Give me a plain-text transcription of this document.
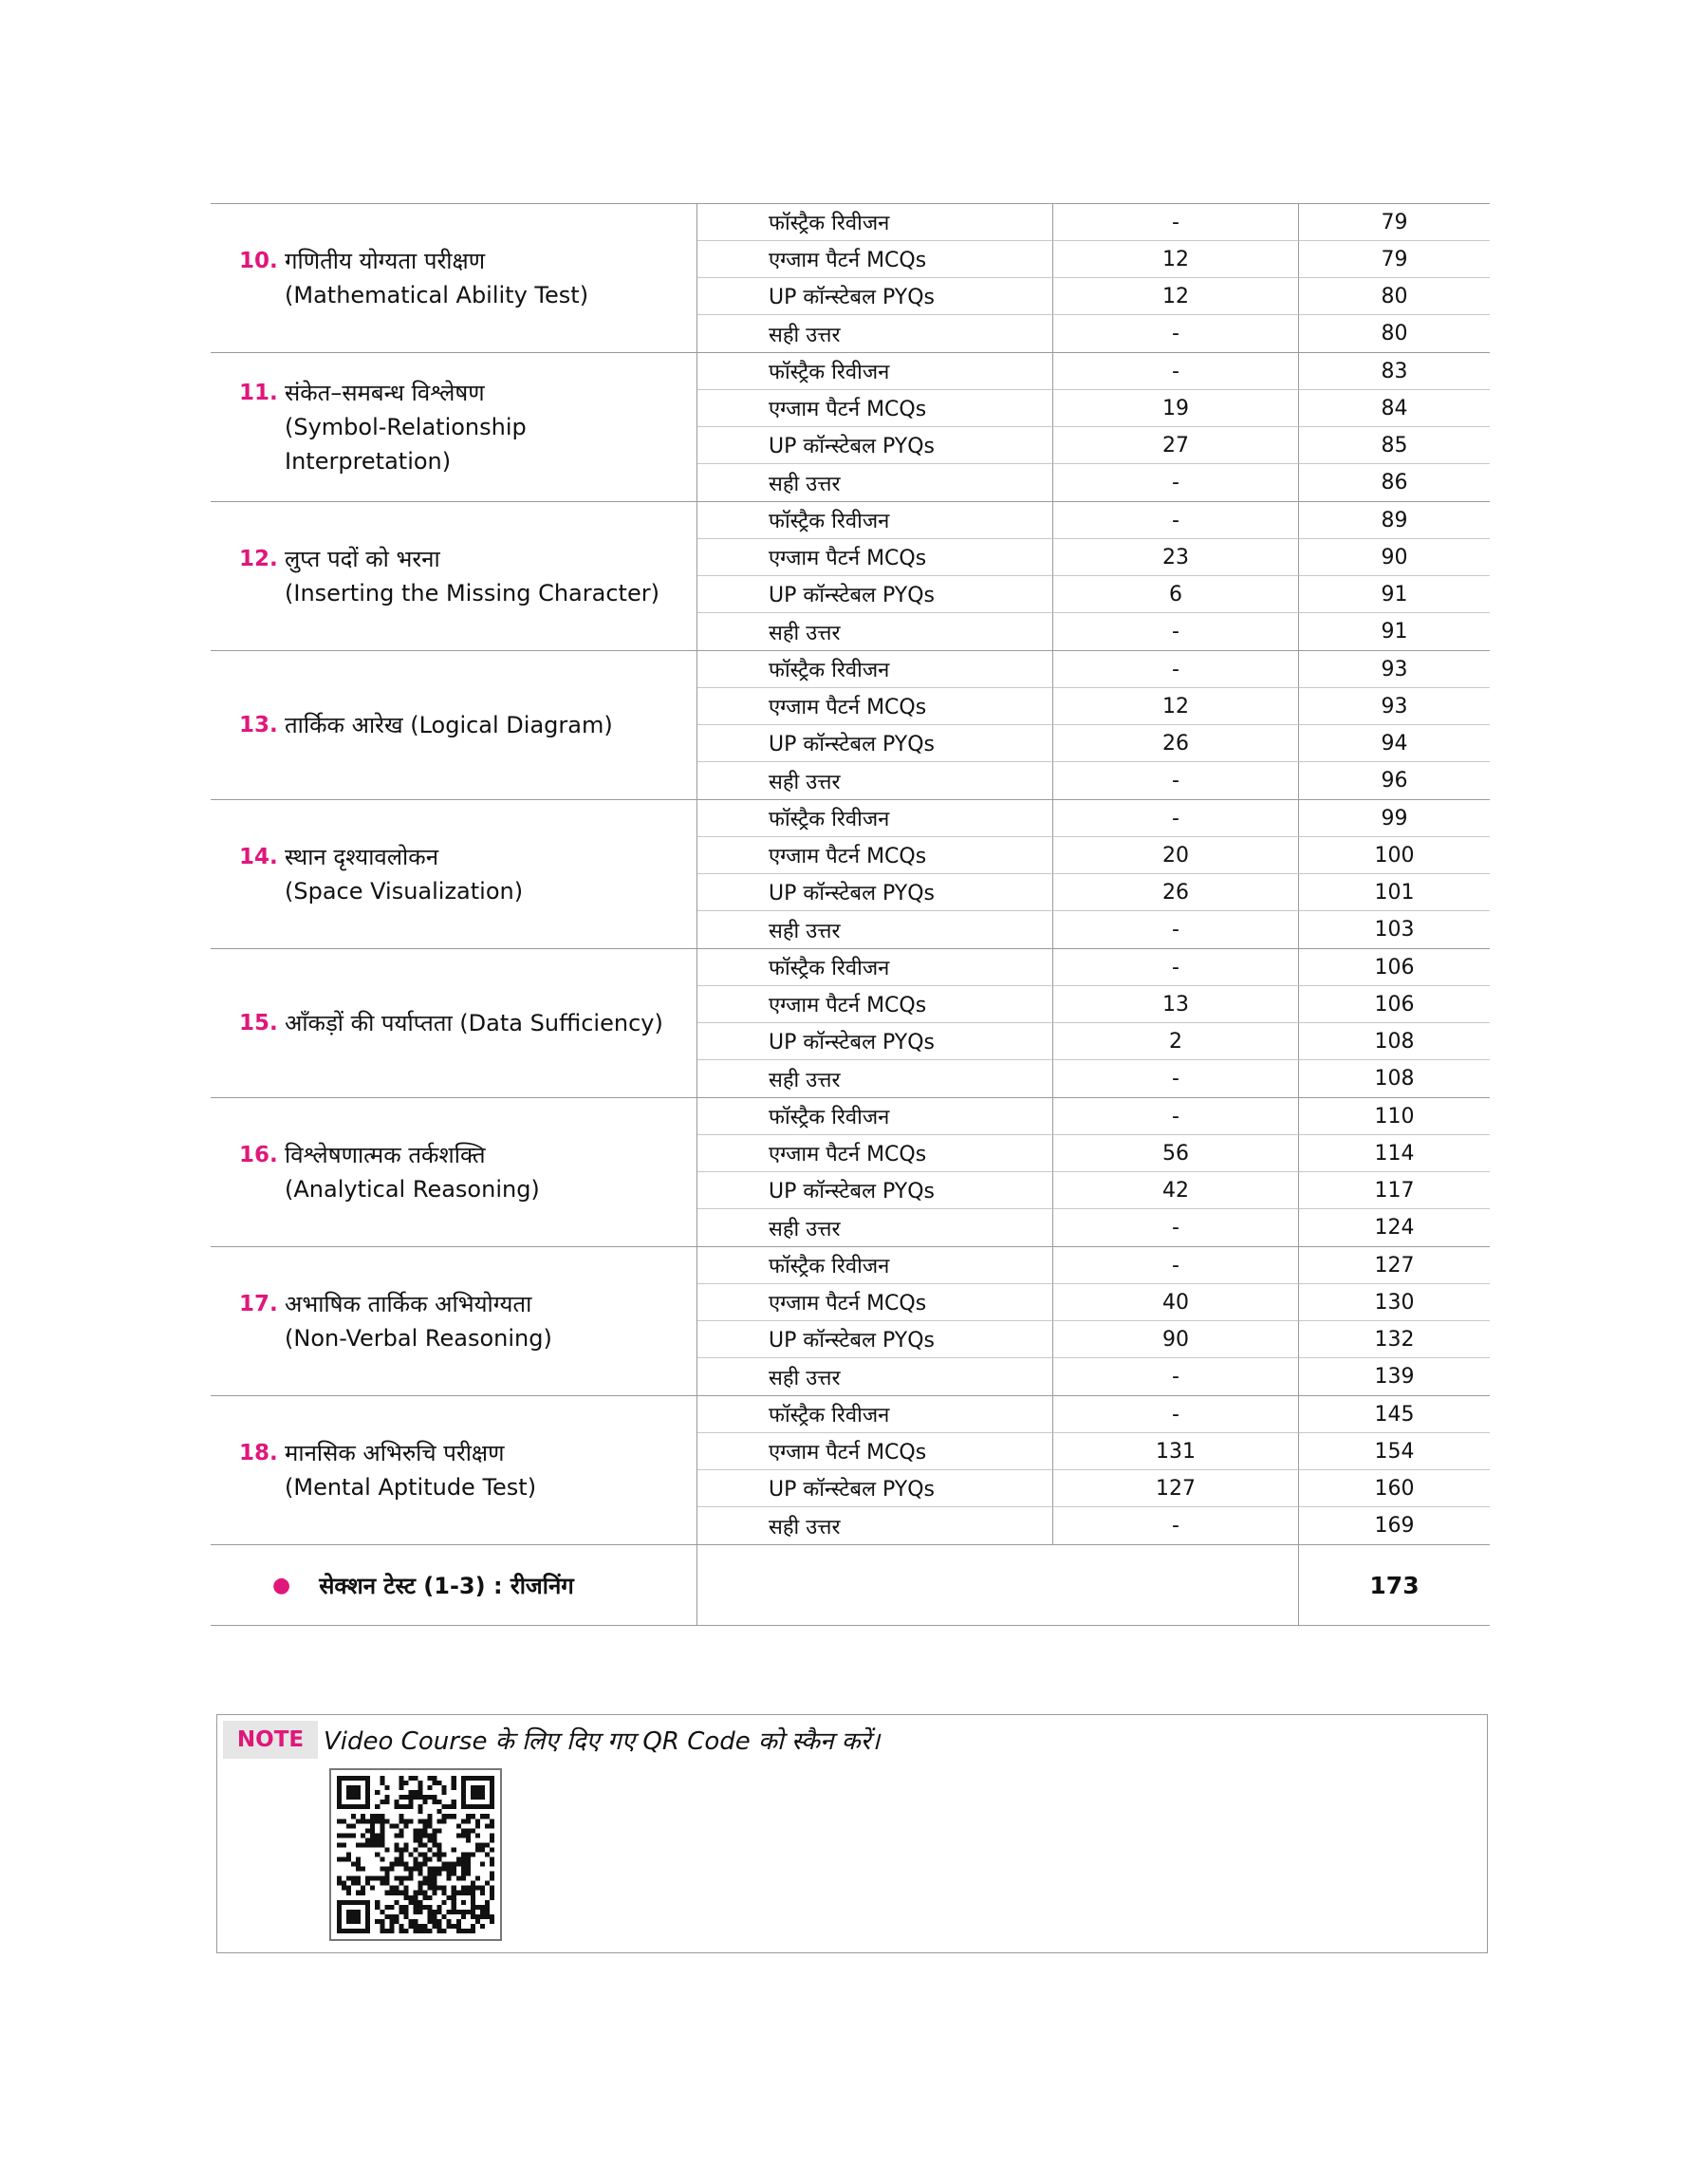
10. गणितीय योग्यता परीक्षण
(Mathematical Ability Test)
फॉस्ट्रैक रिवीजन	-	79
एग्जाम पैटर्न MCQs	12	79
UP कॉन्स्टेबल PYQs	12	80
सही उत्तर	-	80
11. संकेत–समबन्ध विश्लेषण
(Symbol-Relationship Interpretation)
फॉस्ट्रैक रिवीजन	-	83
एग्जाम पैटर्न MCQs	19	84
UP कॉन्स्टेबल PYQs	27	85
सही उत्तर	-	86
12. लुप्त पदों को भरना
(Inserting the Missing Character)
फॉस्ट्रैक रिवीजन	-	89
एग्जाम पैटर्न MCQs	23	90
UP कॉन्स्टेबल PYQs	6	91
सही उत्तर	-	91
13. तार्किक आरेख (Logical Diagram)
फॉस्ट्रैक रिवीजन	-	93
एग्जाम पैटर्न MCQs	12	93
UP कॉन्स्टेबल PYQs	26	94
सही उत्तर	-	96
14. स्थान दृश्यावलोकन
(Space Visualization)
फॉस्ट्रैक रिवीजन	-	99
एग्जाम पैटर्न MCQs	20	100
UP कॉन्स्टेबल PYQs	26	101
सही उत्तर	-	103
15. आँकड़ों की पर्याप्तता (Data Sufficiency)
फॉस्ट्रैक रिवीजन	-	106
एग्जाम पैटर्न MCQs	13	106
UP कॉन्स्टेबल PYQs	2	108
सही उत्तर	-	108
16. विश्लेषणात्मक तर्कशक्ति
(Analytical Reasoning)
फॉस्ट्रैक रिवीजन	-	110
एग्जाम पैटर्न MCQs	56	114
UP कॉन्स्टेबल PYQs	42	117
सही उत्तर	-	124
17. अभाषिक तार्किक अभियोग्यता
(Non-Verbal Reasoning)
फॉस्ट्रैक रिवीजन	-	127
एग्जाम पैटर्न MCQs	40	130
UP कॉन्स्टेबल PYQs	90	132
सही उत्तर	-	139
18. मानसिक अभिरुचि परीक्षण
(Mental Aptitude Test)
फॉस्ट्रैक रिवीजन	-	145
एग्जाम पैटर्न MCQs	131	154
UP कॉन्स्टेबल PYQs	127	160
सही उत्तर	-	169
● सेक्शन टेस्ट (1-3) : रीजनिंग	173
NOTE Video Course के लिए दिए गए QR Code को स्कैन करें।
